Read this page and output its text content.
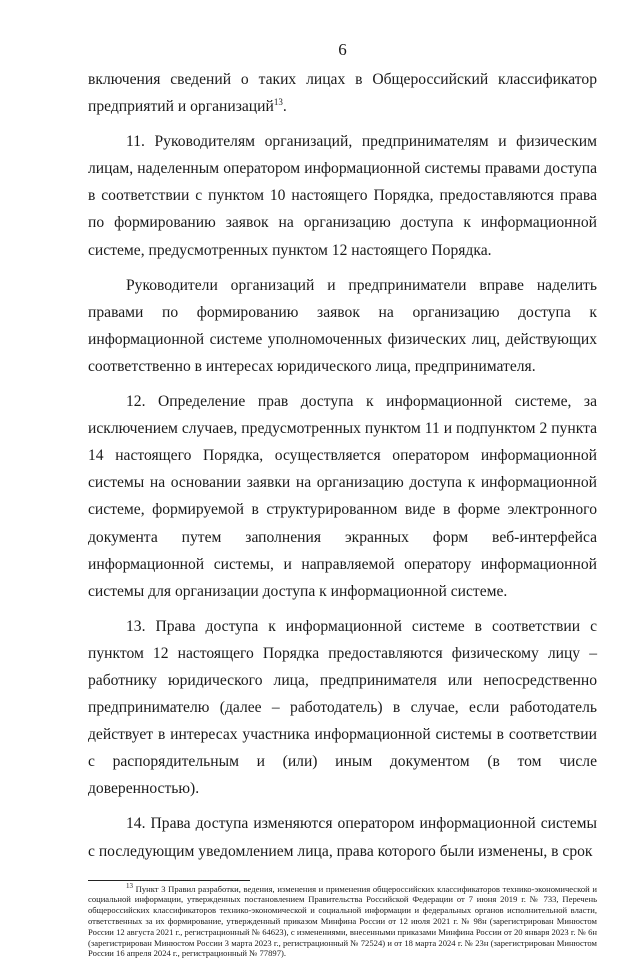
6

включения сведений о таких лицах в Общероссийский классификатор предприятий и организаций$^{13}$.

11. Руководителям организаций, предпринимателям и физическим лицам, наделенным оператором информационной системы правами доступа в соответствии с пунктом 10 настоящего Порядка, предоставляются права по формированию заявок на организацию доступа к информационной системе, предусмотренных пунктом 12 настоящего Порядка.

Руководители организаций и предприниматели вправе наделить правами по формированию заявок на организацию доступа к информационной системе уполномоченных физических лиц, действующих соответственно в интересах юридического лица, предпринимателя.

12. Определение прав доступа к информационной системе, за исключением случаев, предусмотренных пунктом 11 и подпунктом 2 пункта 14 настоящего Порядка, осуществляется оператором информационной системы на основании заявки на организацию доступа к информационной системе, формируемой в структурированном виде в форме электронного документа путем заполнения экранных форм веб-интерфейса информационной системы, и направляемой оператору информационной системы для организации доступа к информационной системе.

13. Права доступа к информационной системе в соответствии с пунктом 12 настоящего Порядка предоставляются физическому лицу – работнику юридического лица, предпринимателя или непосредственно предпринимателю (далее – работодатель) в случае, если работодатель действует в интересах участника информационной системы в соответствии с распорядительным и (или) иным документом (в том числе доверенностью).

14. Права доступа изменяются оператором информационной системы с последующим уведомлением лица, права которого были изменены, в срок

$^{13}$ Пункт 3 Правил разработки, ведения, изменения и применения общероссийских классификаторов технико-экономической и социальной информации, утвержденных постановлением Правительства Российской Федерации от 7 июня 2019 г. № 733, Перечень общероссийских классификаторов технико-экономической и социальной информации и федеральных органов исполнительной власти, ответственных за их формирование, утвержденный приказом Минфина России от 12 июля 2021 г. № 98н (зарегистрирован Минюстом России 12 августа 2021 г., регистрационный № 64623), с изменениями, внесенными приказами Минфина России от 20 января 2023 г. № 6н (зарегистрирован Минюстом России 3 марта 2023 г., регистрационный № 72524) и от 18 марта 2024 г. № 23н (зарегистрирован Минюстом России 16 апреля 2024 г., регистрационный № 77897).
